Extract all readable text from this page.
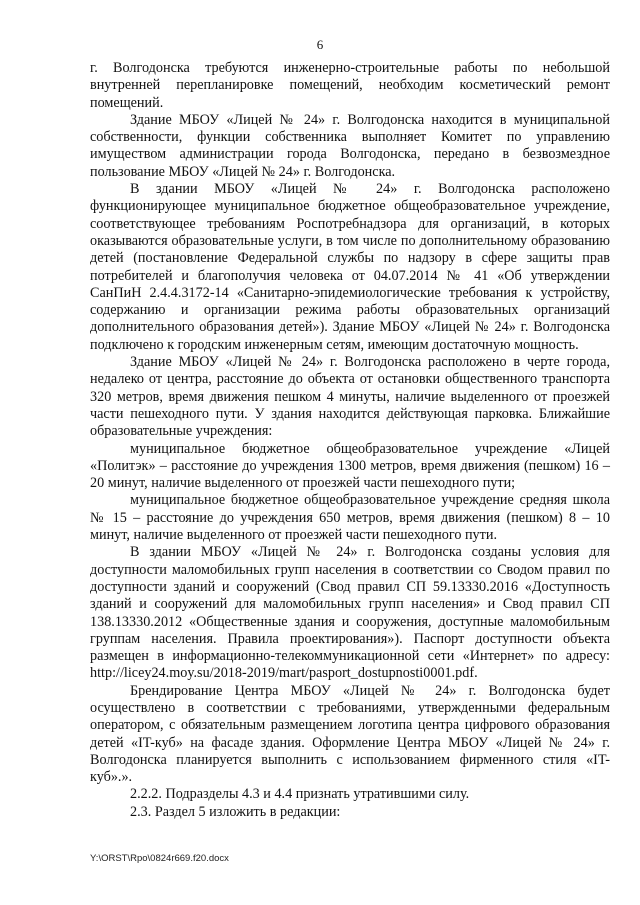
6

г. Волгодонска требуются инженерно-строительные работы по небольшой внутренней перепланировке помещений, необходим косметический ремонт помещений.

Здание МБОУ «Лицей № 24» г. Волгодонска находится в муниципальной собственности, функции собственника выполняет Комитет по управлению имуществом администрации города Волгодонска, передано в безвозмездное пользование МБОУ «Лицей № 24» г. Волгодонска.

В здании МБОУ «Лицей № 24» г. Волгодонска расположено функционирующее муниципальное бюджетное общеобразовательное учреждение, соответствующее требованиям Роспотребнадзора для организаций, в которых оказываются образовательные услуги, в том числе по дополнительному образованию детей (постановление Федеральной службы по надзору в сфере защиты прав потребителей и благополучия человека от 04.07.2014 № 41 «Об утверждении СанПиН 2.4.4.3172-14 «Санитарно-эпидемиологические требования к устройству, содержанию и организации режима работы образовательных организаций дополнительного образования детей»). Здание МБОУ «Лицей № 24» г. Волгодонска подключено к городским инженерным сетям, имеющим достаточную мощность.

Здание МБОУ «Лицей № 24» г. Волгодонска расположено в черте города, недалеко от центра, расстояние до объекта от остановки общественного транспорта 320 метров, время движения пешком 4 минуты, наличие выделенного от проезжей части пешеходного пути. У здания находится действующая парковка. Ближайшие образовательные учреждения:

муниципальное бюджетное общеобразовательное учреждение «Лицей «Политэк» – расстояние до учреждения 1300 метров, время движения (пешком) 16 – 20 минут, наличие выделенного от проезжей части пешеходного пути;

муниципальное бюджетное общеобразовательное учреждение средняя школа № 15 – расстояние до учреждения 650 метров, время движения (пешком) 8 – 10 минут, наличие выделенного от проезжей части пешеходного пути.

В здании МБОУ «Лицей № 24» г. Волгодонска созданы условия для доступности маломобильных групп населения в соответствии со Сводом правил по доступности зданий и сооружений (Свод правил СП 59.13330.2016 «Доступность зданий и сооружений для маломобильных групп населения» и Свод правил СП 138.13330.2012 «Общественные здания и сооружения, доступные маломобильным группам населения. Правила проектирования»). Паспорт доступности объекта размещен в информационно-телекоммуникационной сети «Интернет» по адресу: http://licey24.moy.su/2018-2019/mart/pasport_dostupnosti0001.pdf.

Брендирование Центра МБОУ «Лицей № 24» г. Волгодонска будет осуществлено в соответствии с требованиями, утвержденными федеральным оператором, с обязательным размещением логотипа центра цифрового образования детей «IT-куб» на фасаде здания. Оформление Центра МБОУ «Лицей № 24» г. Волгодонска планируется выполнить с использованием фирменного стиля «IT-куб».».

2.2.2. Подразделы 4.3 и 4.4 признать утратившими силу.

2.3. Раздел 5 изложить в редакции:

Y:\ORST\Rpo\0824r669.f20.docx
